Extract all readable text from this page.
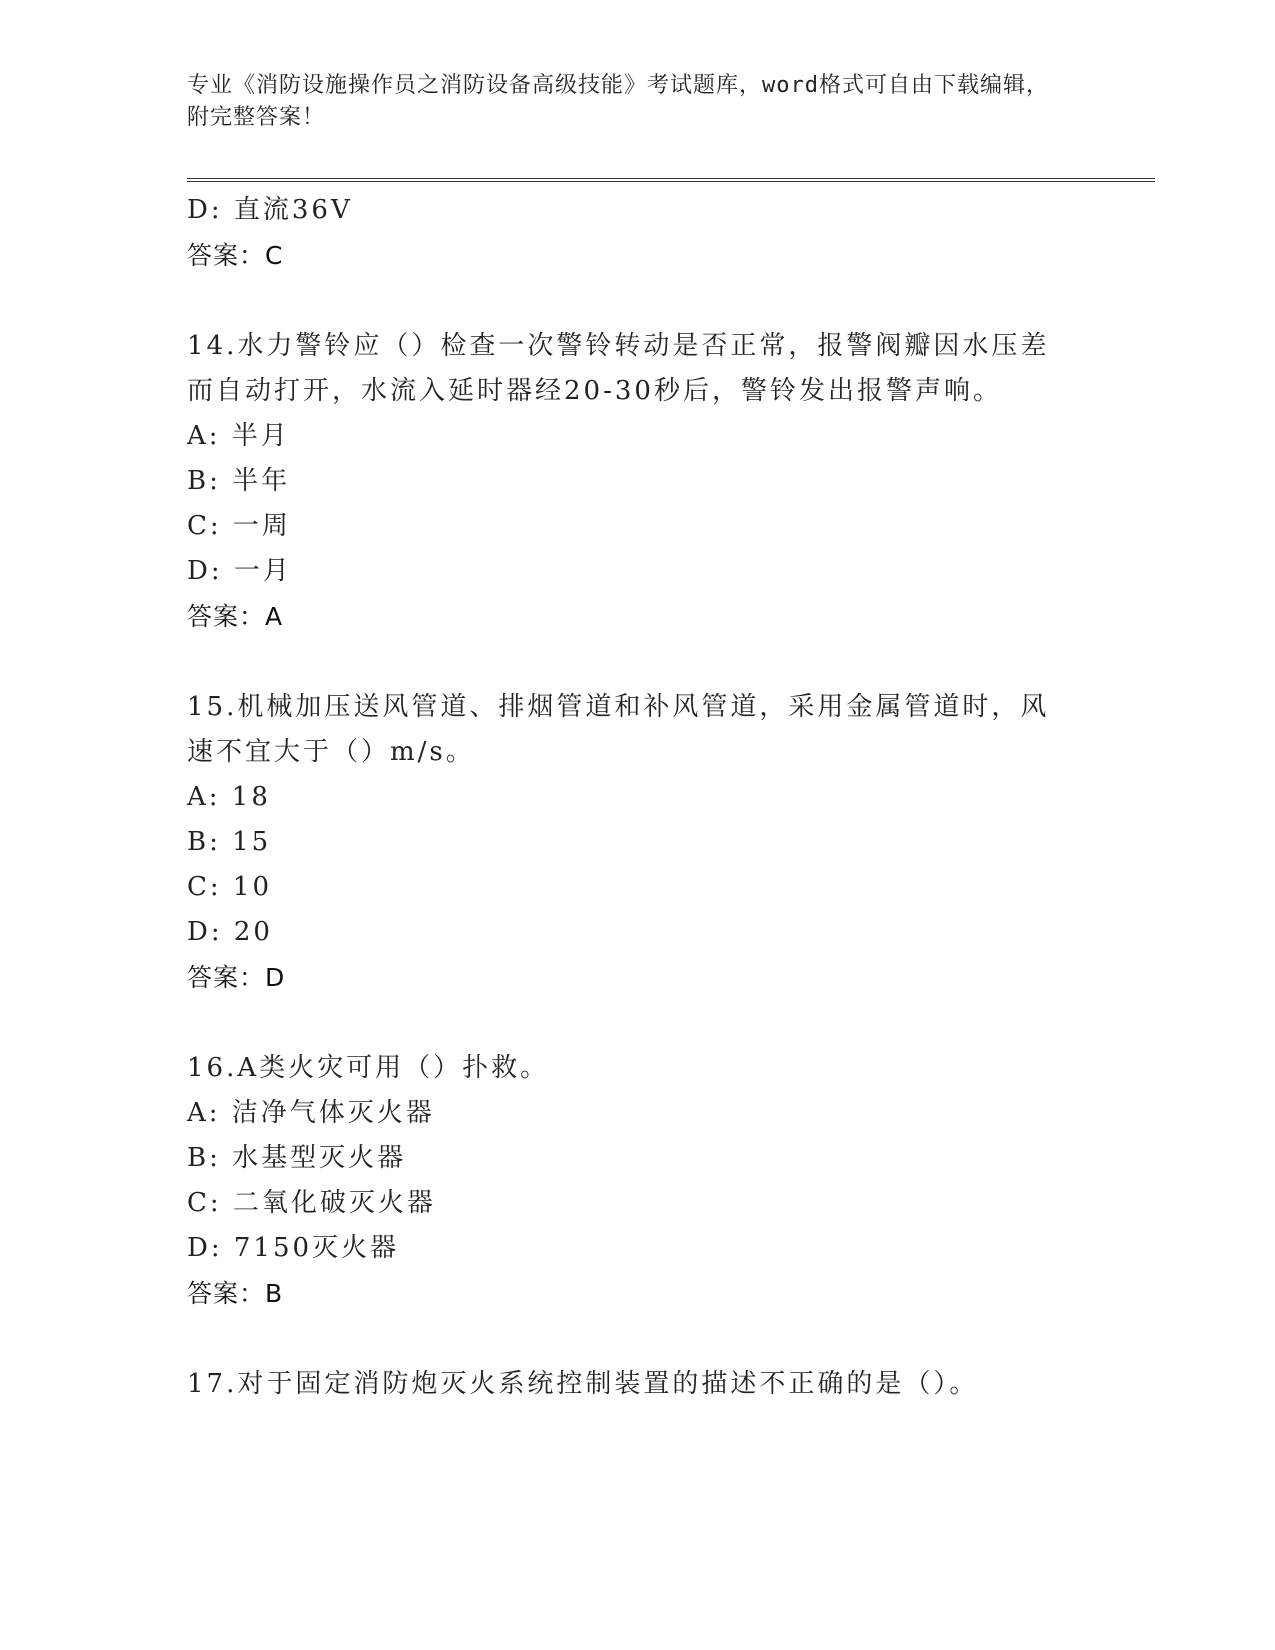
专业《消防设施操作员之消防设备高级技能》考试题库，word格式可自由下载编辑，附完整答案！
D: 直流36V
答案：C
14.水力警铃应（）检查一次警铃转动是否正常，报警阀瓣因水压差而自动打开，水流入延时器经20-30秒后，警铃发出报警声响。
A: 半月
B: 半年
C: 一周
D: 一月
答案：A
15.机械加压送风管道、排烟管道和补风管道，采用金属管道时，风速不宜大于（）m/s。
A: 18
B: 15
C: 10
D: 20
答案：D
16.A类火灾可用（）扑救。
A: 洁净气体灭火器
B: 水基型灭火器
C: 二氧化破灭火器
D: 7150灭火器
答案：B
17.对于固定消防炮灭火系统控制装置的描述不正确的是（）。
